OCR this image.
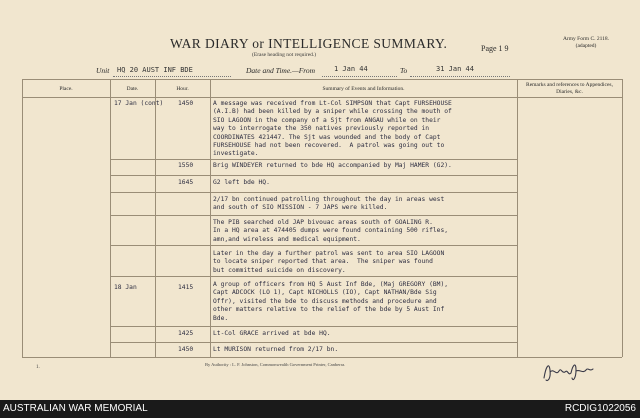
WAR DIARY or INTELLIGENCE SUMMARY.
(Erase heading not required.)
Page 1 9
Army Form C. 2118.
(adapted)
Unit HQ 20 AUST INF BDE	Date and Time.—From	1 Jan 44	To	31 Jan 44
Place.	Date.	Hour.	Summary of Events and Information.
Remarks and references to Appendices, Diaries, &c.
17 Jan (cont) 1450	A message was received from Lt-Col SIMPSON that Capt FURSEHOUSE
(A.I.B) had been killed by a sniper while crossing the mouth of
SIO LAGOON in the company of a Sjt from ANGAU while on their
way to interrogate the 350 natives previously reported in
COORDINATES 421447. The Sjt was wounded and the body of Capt
FURSEHOUSE had not been recovered.  A patrol was going out to
investigate.
1550	Brig WINDEYER returned to bde HQ accompanied by Maj HAMER (G2).
1645	G2 left bde HQ.
2/17 bn continued patrolling throughout the day in areas west
and south of SIO MISSION - 7 JAPS were killed.
The PIB searched old JAP bivouac areas south of GOALING R.
In a HQ area at 474405 dumps were found containing 500 rifles,
amn,and wireless and medical equipment.
Later in the day a further patrol was sent to area SIO LAGOON
to locate sniper reported that area.  The sniper was found
but committed suicide on discovery.
18 Jan	1415	A group of officers from HQ 5 Aust Inf Bde, (Maj GREGORY (BM),
Capt ADCOCK (LO 1), Capt NICHOLLS (IO), Capt NATHAN/Bde Sig
Offr), visited the bde to discuss methods and procedure and
other matters relative to the relief of the bde by 5 Aust Inf
Bde.
1425	Lt-Col GRACE arrived at bde HQ.
1450	Lt MURISON returned from 2/17 bn.
1.
By Authority : L. F. Johnston, Commonwealth Government Printer, Canberra.
AUSTRALIAN WAR MEMORIAL	RCDIG1022056
